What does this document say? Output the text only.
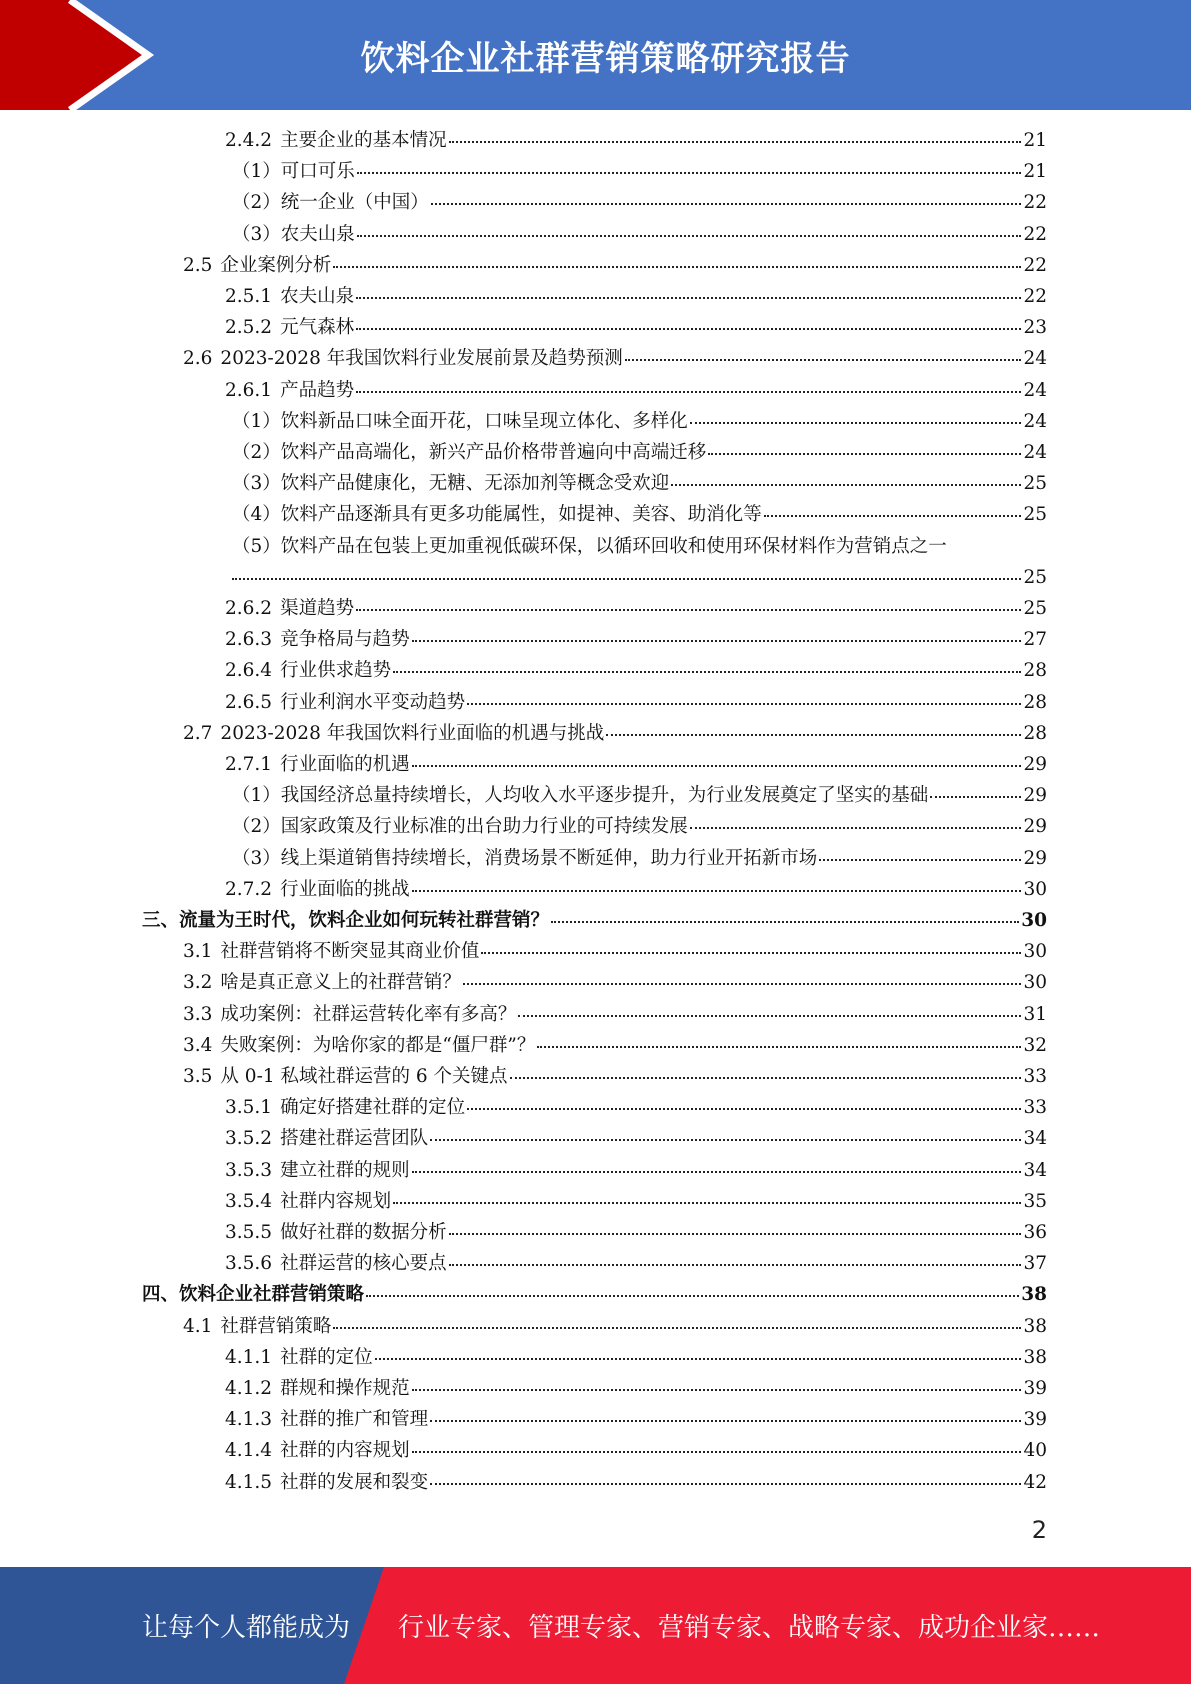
饮料企业社群营销策略研究报告
2.4.2 主要企业的基本情况	21
（1）可口可乐	21
（2）统一企业（中国）	22
（3）农夫山泉	22
2.5 企业案例分析	22
2.5.1 农夫山泉	22
2.5.2 元气森林	23
2.6 2023-2028 年我国饮料行业发展前景及趋势预测	24
2.6.1 产品趋势	24
（1）饮料新品口味全面开花，口味呈现立体化、多样化	24
（2）饮料产品高端化，新兴产品价格带普遍向中高端迁移	24
（3）饮料产品健康化，无糖、无添加剂等概念受欢迎	25
（4）饮料产品逐渐具有更多功能属性，如提神、美容、助消化等	25
（5）饮料产品在包装上更加重视低碳环保，以循环回收和使用环保材料作为营销点之一
25
2.6.2 渠道趋势	25
2.6.3 竞争格局与趋势	27
2.6.4 行业供求趋势	28
2.6.5 行业利润水平变动趋势	28
2.7 2023-2028 年我国饮料行业面临的机遇与挑战	28
2.7.1 行业面临的机遇	29
（1）我国经济总量持续增长，人均收入水平逐步提升，为行业发展奠定了坚实的基础	29
（2）国家政策及行业标准的出台助力行业的可持续发展	29
（3）线上渠道销售持续增长，消费场景不断延伸，助力行业开拓新市场	29
2.7.2 行业面临的挑战	30
三、流量为王时代，饮料企业如何玩转社群营销？	30
3.1 社群营销将不断突显其商业价值	30
3.2 啥是真正意义上的社群营销？	30
3.3 成功案例：社群运营转化率有多高？	31
3.4 失败案例：为啥你家的都是“僵尸群”？	32
3.5 从 0-1 私域社群运营的 6 个关键点	33
3.5.1 确定好搭建社群的定位	33
3.5.2 搭建社群运营团队	34
3.5.3 建立社群的规则	34
3.5.4 社群内容规划	35
3.5.5 做好社群的数据分析	36
3.5.6 社群运营的核心要点	37
四、饮料企业社群营销策略	38
4.1 社群营销策略	38
4.1.1 社群的定位	38
4.1.2 群规和操作规范	39
4.1.3 社群的推广和管理	39
4.1.4 社群的内容规划	40
4.1.5 社群的发展和裂变	42
2
让每个人都能成为 行业专家、管理专家、营销专家、战略专家、成功企业家……
